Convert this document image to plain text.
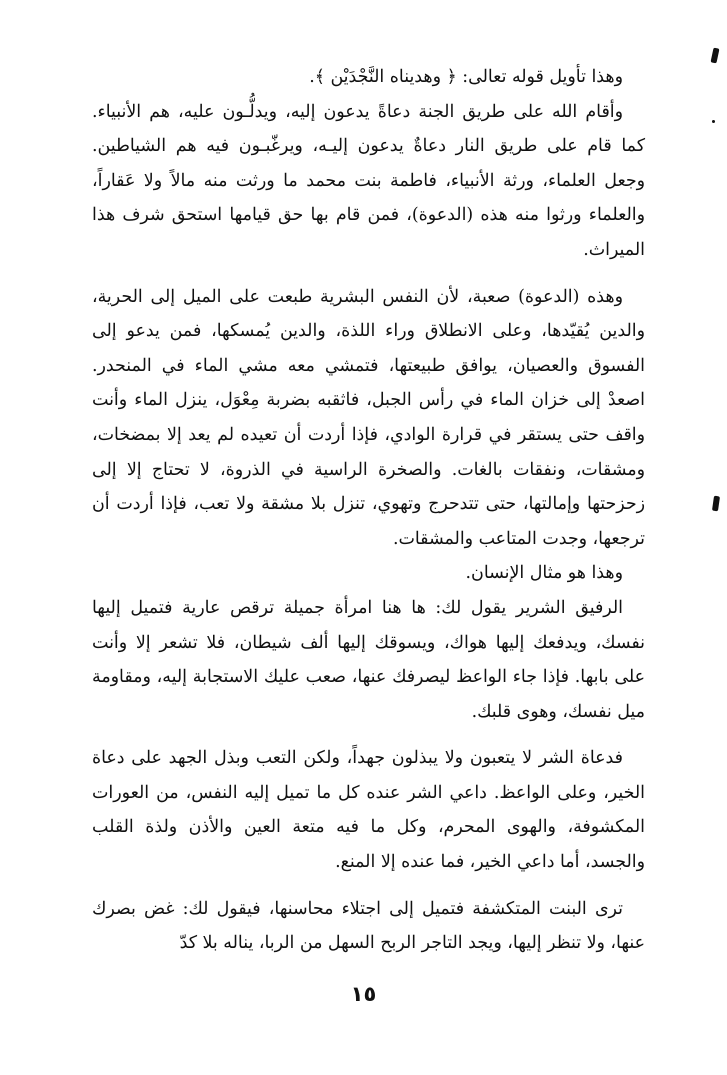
وهذا تأويل قوله تعالى: ﴿ وهديناه النَّجْدَيْن ﴾.

وأقام الله على طريق الجنة دعاةً يدعون إليه، ويدلُّـون عليه، هم الأنبياء. كما قام على طريق النار دعاةٌ يدعون إليـه، ويرغّبـون فيه هم الشياطين. وجعل العلماء، ورثة الأنبياء، فاطمة بنت محمد ما ورثت منه مالاً ولا عَقاراً، والعلماء ورثوا منه هذه (الدعوة)، فمن قام بها حق قيامها استحق شرف هذا الميراث.

وهذه (الدعوة) صعبة، لأن النفس البشرية طبعت على الميل إلى الحرية، والدين يُقيّدها، وعلى الانطلاق وراء اللذة، والدين يُمسكها، فمن يدعو إلى الفسوق والعصيان، يوافق طبيعتها، فتمشي معه مشي الماء في المنحدر. اصعدْ إلى خزان الماء في رأس الجبل، فاثقبه بضربة مِعْوَل، ينزل الماء وأنت واقف حتى يستقر في قرارة الوادي، فإذا أردت أن تعيده لم يعد إلا بمضخات، ومشقات، ونفقات بالغات. والصخرة الراسية في الذروة، لا تحتاج إلا إلى زحزحتها وإمالتها، حتى تتدحرج وتهوي، تنزل بلا مشقة ولا تعب، فإذا أردت أن ترجعها، وجدت المتاعب والمشقات.

وهذا هو مثال الإنسان.

الرفيق الشرير يقول لك: ها هنا امرأة جميلة ترقص عارية فتميل إليها نفسك، ويدفعك إليها هواك، ويسوقك إليها ألف شيطان، فلا تشعر إلا وأنت على بابها. فإذا جاء الواعظ ليصرفك عنها، صعب عليك الاستجابة إليه، ومقاومة ميل نفسك، وهوى قلبك.

فدعاة الشر لا يتعبون ولا يبذلون جهداً، ولكن التعب وبذل الجهد على دعاة الخير، وعلى الواعظ. داعي الشر عنده كل ما تميل إليه النفس، من العورات المكشوفة، والهوى المحرم، وكل ما فيه متعة العين والأذن ولذة القلب والجسد، أما داعي الخير، فما عنده إلا المنع.

ترى البنت المتكشفة فتميل إلى اجتلاء محاسنها، فيقول لك: غض بصرك عنها، ولا تنظر إليها، ويجد التاجر الربح السهل من الربا، يناله بلا كدّ

١٥
